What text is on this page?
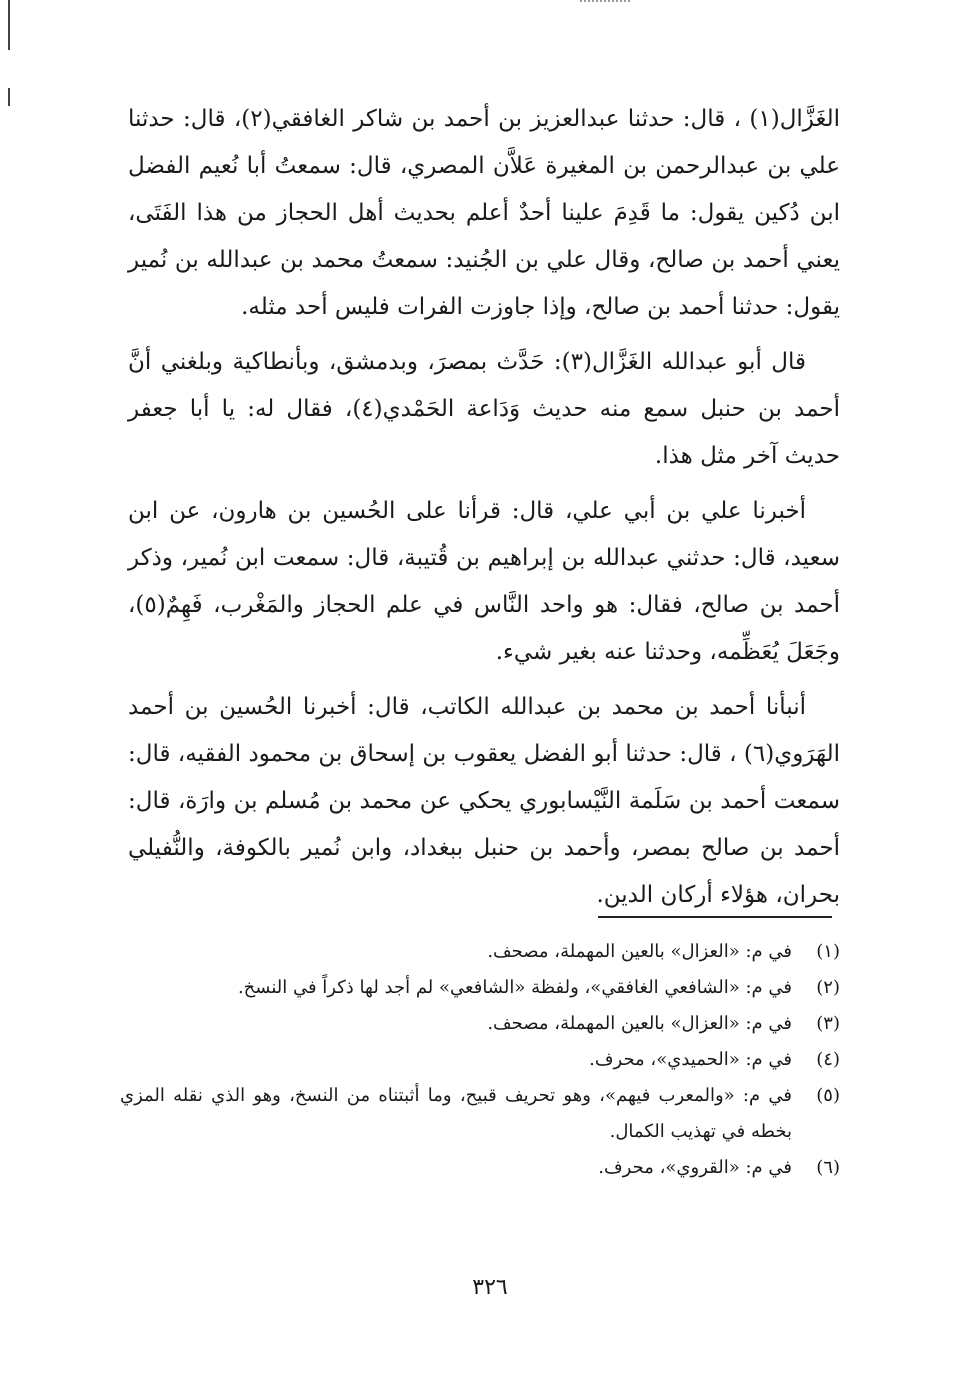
الغَزَّال(١) ، قال: حدثنا عبدالعزيز بن أحمد بن شاكر الغافقي(٢)، قال: حدثنا علي بن عبدالرحمن بن المغيرة عَلاَّن المصري، قال: سمعتُ أبا نُعيم الفضل ابن دُكين يقول: ما قَدِمَ علينا أحدٌ أعلم بحديث أهل الحجاز من هذا الفَتَى، يعني أحمد بن صالح، وقال علي بن الجُنيد: سمعتُ محمد بن عبدالله بن نُمير يقول: حدثنا أحمد بن صالح، وإذا جاوزت الفرات فليس أحد مثله.

قال أبو عبدالله الغَزَّال(٣): حَدَّث بمصرَ، وبدمشق، وبأنطاكية وبلغني أنَّ أحمد بن حنبل سمع منه حديث وَدَاعة الحَمْدي(٤)، فقال له: يا أبا جعفر حديث آخر مثل هذا.

أخبرنا علي بن أبي علي، قال: قرأنا على الحُسين بن هارون، عن ابن سعيد، قال: حدثني عبدالله بن إبراهيم بن قُتيبة، قال: سمعت ابن نُمير، وذكر أحمد بن صالح، فقال: هو واحد النَّاس في علم الحجاز والمَغْرب، فَهِمٌ(٥)، وجَعَلَ يُعَظِّمه، وحدثنا عنه بغير شيء.

أنبأنا أحمد بن محمد بن عبدالله الكاتب، قال: أخبرنا الحُسين بن أحمد الهَرَوي(٦) ، قال: حدثنا أبو الفضل يعقوب بن إسحاق بن محمود الفقيه، قال: سمعت أحمد بن سَلَمة النَّيْسابوري يحكي عن محمد بن مُسلم بن وارَة، قال: أحمد بن صالح بمصر، وأحمد بن حنبل ببغداد، وابن نُمير بالكوفة، والنُّفيلي بحران، هؤلاء أركان الدين.

(١)
في م: «العزال» بالعين المهملة، مصحف.
(٢)
في م: «الشافعي الغافقي»، ولفظة «الشافعي» لم أجد لها ذكراً في النسخ.
(٣)
في م: «العزال» بالعين المهملة، مصحف.
(٤)
في م: «الحميدي»، محرف.
(٥)
في م: «والمعرب فيهم»، وهو تحريف قبيح، وما أثبتناه من النسخ، وهو الذي نقله المزي بخطه في تهذيب الكمال.
(٦)
في م: «القروي»، محرف.
٣٢٦
